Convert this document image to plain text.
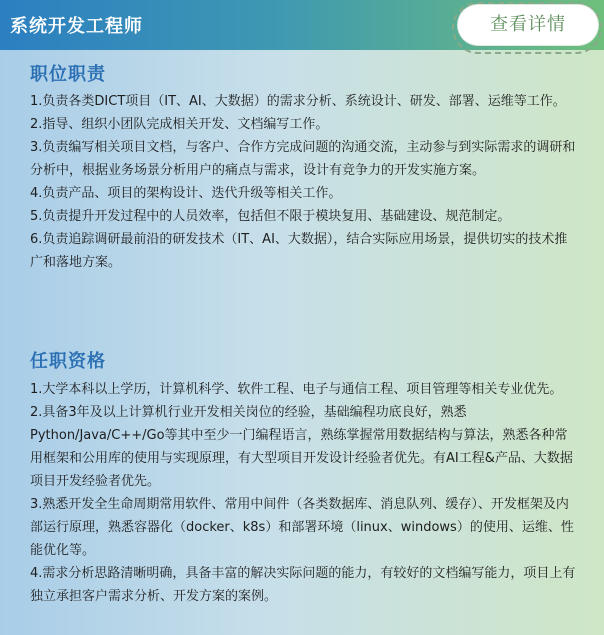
系统开发工程师	查看详情
职位职责

1.负责各类DICT项目（IT、AI、大数据）的需求分析、系统设计、研发、部署、运维等工作。

2.指导、组织小团队完成相关开发、文档编写工作。

3.负责编写相关项目文档，与客户、合作方完成问题的沟通交流，主动参与到实际需求的调研和分析中，根据业务场景分析用户的痛点与需求，设计有竞争力的开发实施方案。

4.负责产品、项目的架构设计、迭代升级等相关工作。

5.负责提升开发过程中的人员效率，包括但不限于模块复用、基础建设、规范制定。

6.负责追踪调研最前沿的研发技术（IT、AI、大数据），结合实际应用场景，提供切实的技术推广和落地方案。

任职资格

1.大学本科以上学历，计算机科学、软件工程、电子与通信工程、项目管理等相关专业优先。

2.具备3年及以上计算机行业开发相关岗位的经验，基础编程功底良好，熟悉Python/Java/C++/Go等其中至少一门编程语言，熟练掌握常用数据结构与算法，熟悉各种常用框架和公用库的使用与实现原理，有大型项目开发设计经验者优先。有AI工程&产品、大数据项目开发经验者优先。

3.熟悉开发全生命周期常用软件、常用中间件（各类数据库、消息队列、缓存）、开发框架及内部运行原理，熟悉容器化（docker、k8s）和部署环境（linux、windows）的使用、运维、性能优化等。

4.需求分析思路清晰明确，具备丰富的解决实际问题的能力，有较好的文档编写能力，项目上有独立承担客户需求分析、开发方案的案例。
